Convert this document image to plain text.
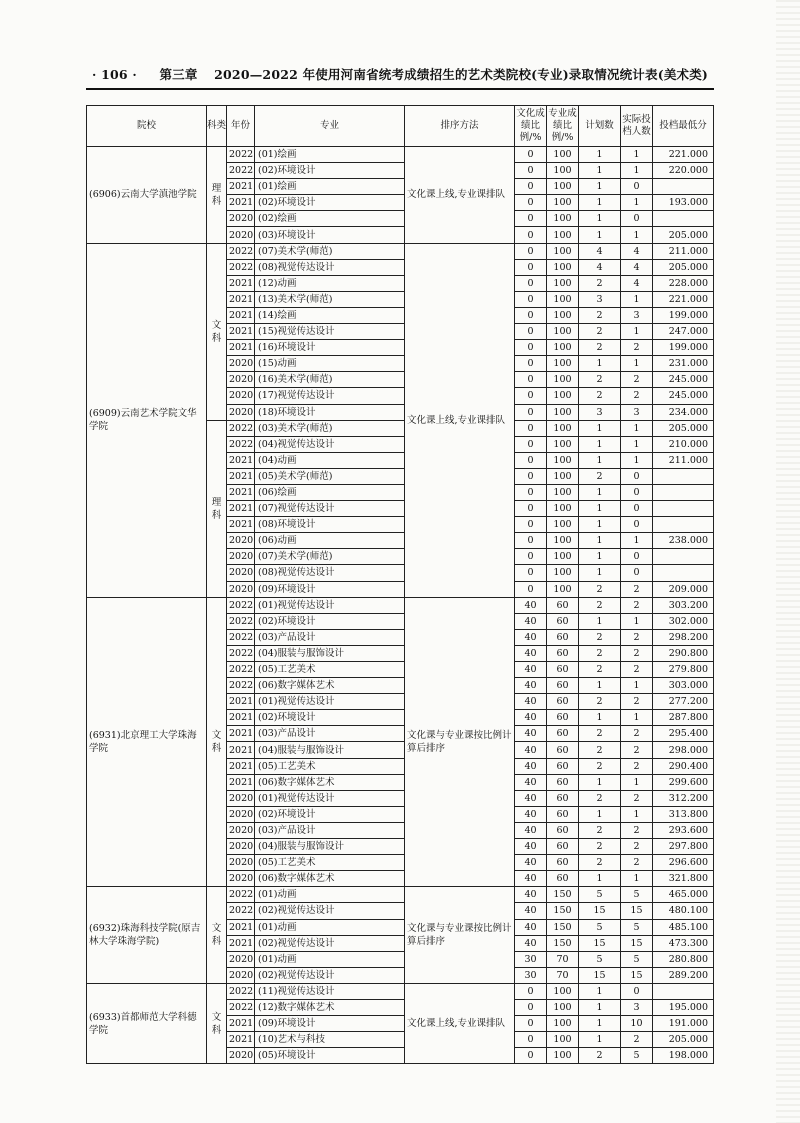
· 106 · 第三章 2020—2022 年使用河南省统考成绩招生的艺术类院校(专业)录取情况统计表(美术类)
院校	科类	年份	专业	排序方法	文化成绩比例/%	专业成绩比例/%	计划数	实际投档人数	投档最低分
(6906)云南大学滇池学院	理科	2022	(01)绘画	文化课上线,专业课排队	0	100	1	1	221.000
		2022	(02)环境设计		0	100	1	1	220.000
		2021	(01)绘画		0	100	1	0	
		2021	(02)环境设计		0	100	1	1	193.000
		2020	(02)绘画		0	100	1	0	
		2020	(03)环境设计		0	100	1	1	205.000
(6909)云南艺术学院文华学院	文科	2022	(07)美术学(师范)	文化课上线,专业课排队	0	100	4	4	211.000
		2022	(08)视觉传达设计		0	100	4	4	205.000
		2021	(12)动画		0	100	2	4	228.000
		2021	(13)美术学(师范)		0	100	3	1	221.000
		2021	(14)绘画		0	100	2	3	199.000
		2021	(15)视觉传达设计		0	100	2	1	247.000
		2021	(16)环境设计		0	100	2	2	199.000
		2020	(15)动画		0	100	1	1	231.000
		2020	(16)美术学(师范)		0	100	2	2	245.000
		2020	(17)视觉传达设计		0	100	2	2	245.000
		2020	(18)环境设计		0	100	3	3	234.000
	理科	2022	(03)美术学(师范)		0	100	1	1	205.000
		2022	(04)视觉传达设计		0	100	1	1	210.000
		2021	(04)动画		0	100	1	1	211.000
		2021	(05)美术学(师范)		0	100	2	0	
		2021	(06)绘画		0	100	1	0	
		2021	(07)视觉传达设计		0	100	1	0	
		2021	(08)环境设计		0	100	1	0	
		2020	(06)动画		0	100	1	1	238.000
		2020	(07)美术学(师范)		0	100	1	0	
		2020	(08)视觉传达设计		0	100	1	0	
		2020	(09)环境设计		0	100	2	2	209.000
(6931)北京理工大学珠海学院	文科	2022	(01)视觉传达设计	文化课与专业课按比例计算后排序	40	60	2	2	303.200
		2022	(02)环境设计		40	60	1	1	302.000
		2022	(03)产品设计		40	60	2	2	298.200
		2022	(04)服装与服饰设计		40	60	2	2	290.800
		2022	(05)工艺美术		40	60	2	2	279.800
		2022	(06)数字媒体艺术		40	60	1	1	303.000
		2021	(01)视觉传达设计		40	60	2	2	277.200
		2021	(02)环境设计		40	60	1	1	287.800
		2021	(03)产品设计		40	60	2	2	295.400
		2021	(04)服装与服饰设计		40	60	2	2	298.000
		2021	(05)工艺美术		40	60	2	2	290.400
		2021	(06)数字媒体艺术		40	60	1	1	299.600
		2020	(01)视觉传达设计		40	60	2	2	312.200
		2020	(02)环境设计		40	60	1	1	313.800
		2020	(03)产品设计		40	60	2	2	293.600
		2020	(04)服装与服饰设计		40	60	2	2	297.800
		2020	(05)工艺美术		40	60	2	2	296.600
		2020	(06)数字媒体艺术		40	60	1	1	321.800
(6932)珠海科技学院(原吉林大学珠海学院)	文科	2022	(01)动画	文化课与专业课按比例计算后排序	40	150	5	5	465.000
		2022	(02)视觉传达设计		40	150	15	15	480.100
		2021	(01)动画		40	150	5	5	485.100
		2021	(02)视觉传达设计		40	150	15	15	473.300
		2020	(01)动画		30	70	5	5	280.800
		2020	(02)视觉传达设计		30	70	15	15	289.200
(6933)首都师范大学科德学院	文科	2022	(11)视觉传达设计	文化课上线,专业课排队	0	100	1	0	
		2022	(12)数字媒体艺术		0	100	1	3	195.000
		2021	(09)环境设计		0	100	1	10	191.000
		2021	(10)艺术与科技		0	100	1	2	205.000
		2020	(05)环境设计		0	100	2	5	198.000
